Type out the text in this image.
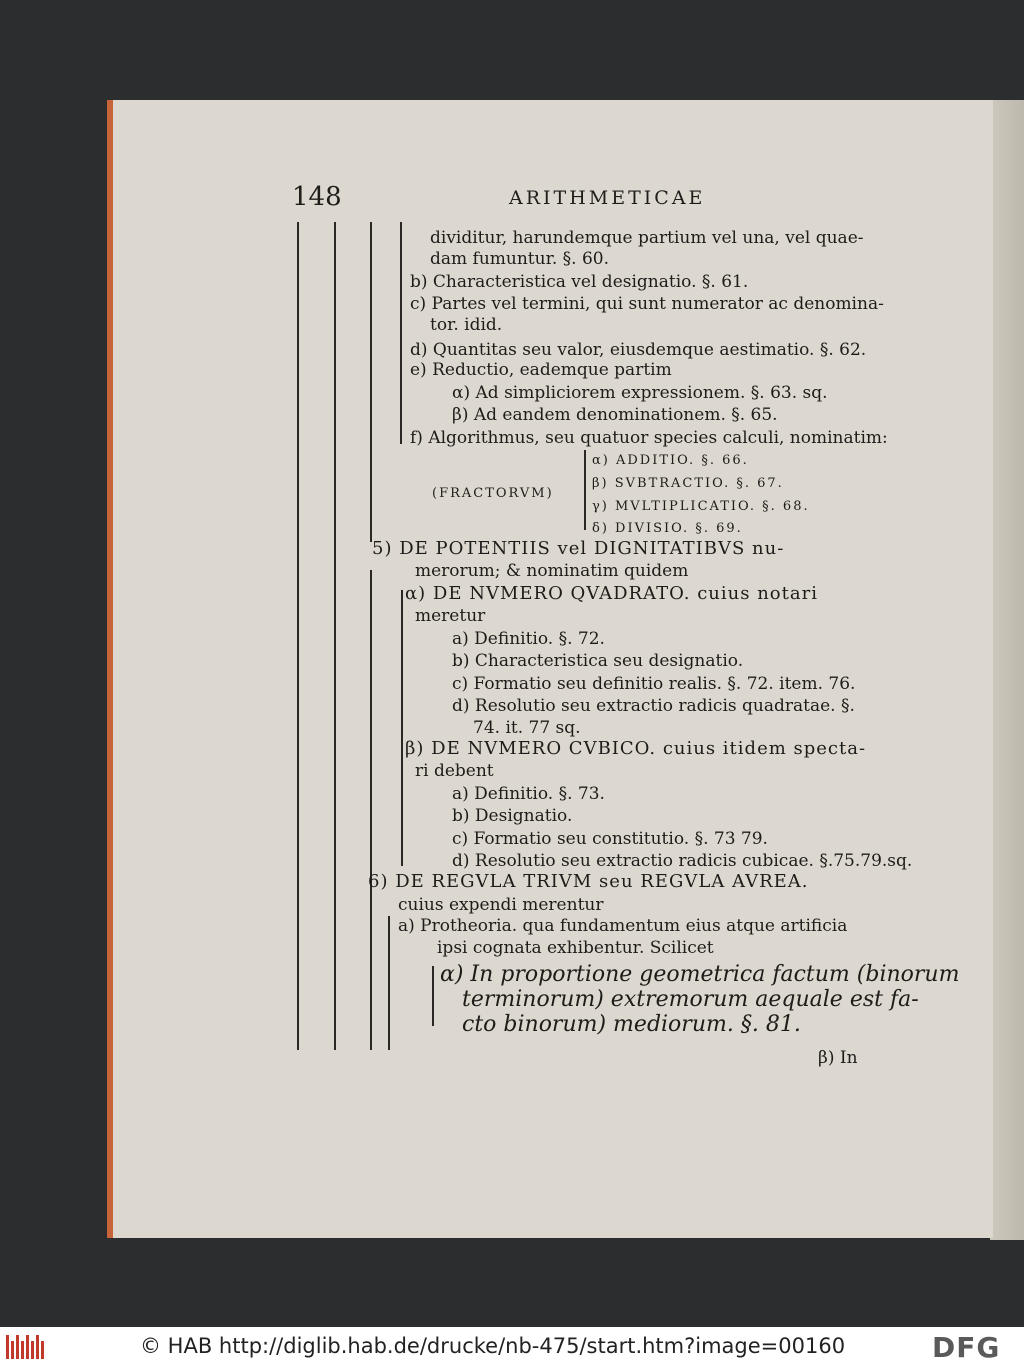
148	ARITHMETICAE
dividitur, harundemque partium vel una, vel quae-
dam fumuntur. §. 60.
b) Characteristica vel designatio. §. 61.
c) Partes vel termini, qui sunt numerator ac denomina-
tor. idid.
d) Quantitas seu valor, eiusdemque aestimatio. §. 62.
e) Reductio, eademque partim
α) Ad simpliciorem expressionem. §. 63. sq.
β) Ad eandem denominationem. §. 65.
f) Algorithmus, seu quatuor species calculi, nominatim:
(FRACTORVM)
α) ADDITIO. §. 66.
β) SVBTRACTIO. §. 67.
γ) MVLTIPLICATIO. §. 68.
δ) DIVISIO. §. 69.
5) DE POTENTIIS vel DIGNITATIBVS nu-
merorum; & nominatim quidem
α) DE NVMERO QVADRATO. cuius notari
meretur
a) Definitio. §. 72.
b) Characteristica seu designatio.
c) Formatio seu definitio realis. §. 72. item. 76.
d) Resolutio seu extractio radicis quadratae. §.
74. it. 77 sq.
β) DE NVMERO CVBICO. cuius itidem specta-
ri debent
a) Definitio. §. 73.
b) Designatio.
c) Formatio seu constitutio. §. 73 79.
d) Resolutio seu extractio radicis cubicae. §.75.79.sq.
6) DE REGVLA TRIVM seu REGVLA AVREA.
cuius expendi merentur
a) Protheoria. qua fundamentum eius atque artificia
ipsi cognata exhibentur. Scilicet
α) In proportione geometrica factum (binorum
terminorum) extremorum aequale est fa-
cto binorum) mediorum. §. 81.
β) In
© HAB http://diglib.hab.de/drucke/nb-475/start.htm?image=00160	DFG
